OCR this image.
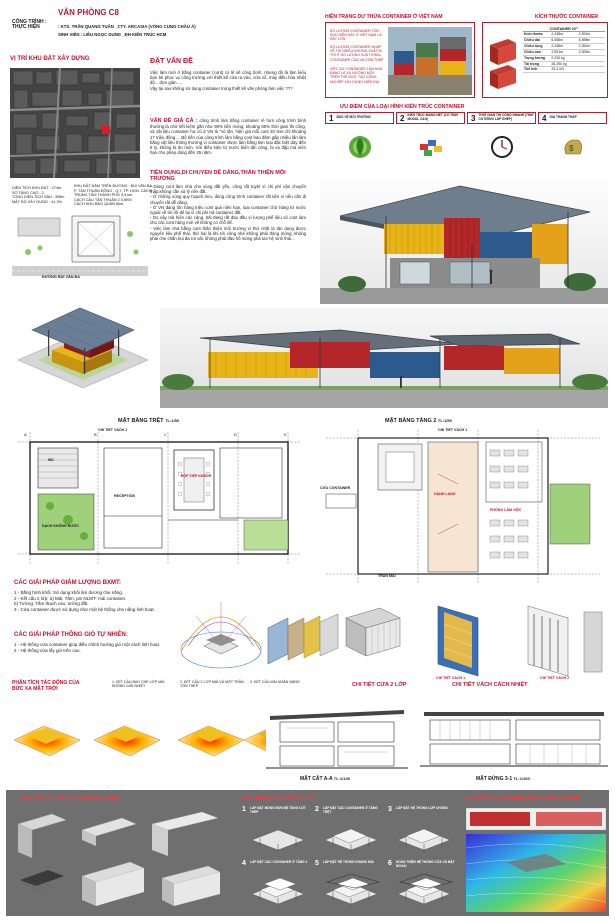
CÔNG TRÌNH :
VĂN PHÒNG C8
THỰC HIỆN	: KTS. TRẦN QUANG TUẤN _CTY. ARCASIA (VÒNG CUNG CHÂU Á)
SINH VIÊN : LIÊU NGỌC DUNG _ĐH KIẾN TRÚC HCM
VỊ TRÍ KHU ĐẤT XÂY DỰNG
DIỆN TÍCH KHU ĐẤT : 274m
SỐ TẦNG CAO : 2
TỔNG DIỆN TÍCH SÀN : 398m
MẬT ĐỘ XÂY DỰNG : 41.3%
KHU ĐẤT NẰM TRÊN ĐƯỜNG : BÙI VĂN BA,
P. TÂN THUẬN ĐÔNG , Q.7, TP. HCM. CÁCH
TRUNG TÂM THÀNH PHỐ 3,5 km
CÁCH CẦU TÂN THUẬN 2 0,6KM
CÁCH KHU BẢO QUẢN 5km
ĐƯỜNG BÙI VĂN BA
ĐẶT VẤN ĐỀ
Việc làm mới ở bằng container (cont) có lẽ sẽ công bình, nhưng đó là làm kiểu bạn bè phục vụ công trường với thiết kế cứa ra vào, cửa sổ, máy điều hòa nhiệt độ... đơn giản.....
Vậy tại sao không sử dụng container trong thiết kế văn phòng làm việc ???
VẤN ĐỀ GIÁ CẢ : công trình làm bằng container rẻ hơn công trình bình thường là nhờ tiết kiệm gần như 90% tiền móng, khoảng 60% thời gian thi công, và vật liệu container hư cũ ở VN là "vô tận, hiện giá mỗi cont 20 feet chỉ khoảng 17 triệu đồng.... Bộ tiền của công trình làm bằng cont bao đảm gấp nhiều lần làm bằng vật liệu thông thường vì container được làm bằng kim loại đặc biệt dày đến 5 ly, không bị ăn mòn. Với điều kiện từ nước biển tấn công, bị va đập mà niên hạn cho phép dùng đến 25 năm.
TIỆN DỤNG,DI CHUYỂN DỄ DÀNG,THÂN THIỆN MÔI TRƯỜNG
- Dùng cont làm nhà cho vùng đất yếu, cũng rất tuyệt vì chi phí vận chuyển thấp,không cần xử lý nền đất.
- Ở những vùng quy hoạch treo, dùng công trình container rất tiện vì nếu cần di chuyển rất dễ dàng.
- Ở VN đang tồn hàng triệu cont quá niên hạn, loại container chở hàng từ nước ngoài về tới rồi để lại vì chi phí trả container đắt.
- Do vậy mà hiện các cảng, bãi đang rất đau đầu vì lượng phế liệu vô cont làm cho các cont hàng mới về không có chỗ để.
- Việc làm nhà bằng cont thân thiện môi trường vì thứ nhất là tận dụng được nguyên liệu phế thải, thứ hai là khi tới công nhà không phải đóng móng, không phải che chắn bụi đa rơi vãi, không phải đào hố móng phá tan hệ sinh thái...
HIỆN TRẠNG DƯ THỪA CONTAINER Ở VIỆT NAM
SỐ LƯỢNG CONTAINER TỒN KHO HIỆN NAY Ở VIỆT NAM LÀ RẤT LỚN
SỐ LƯỢNG CONTAINER NHẬP VỀ THÌ NHIỀU NHƯNG XUẤT ĐI THÌ ÍT DO LƯỢNG XUẤT KHẨU CONTAINER CỦA VN CÒN THẤP
VIỆC SỬ CONTAINER LÀM NHÀ ĐANG LÀ XU HƯỚNG MỚI TRÊN THẾ GIỚI, TẠO CÔNG NGHIỆP XÂY DỰNG HIỆN ĐẠI
KÍCH THƯỚC CONTAINER
CONTAINER 20'"
Kích thước	2,438m	2,591m
Chiều dài	6,058m	5,898m
Chiều rộng	2,438m	2,352m
Chiều cao	2,591m	2,393m
Trọng lượng	2.230 kg
Tải trọng	28.250 kg
Thể tích	33,2 m3
ƯU ĐIỂM CỦA LOẠI HÌNH KIẾN TRÚC CONTAINER
1 BẢO VỆ MÔI TRƯỜNG	2 KIẾN TRÚC MANG NÉT (CÓ TÍNH MODUL CAO)	3 THỜI GIAN THI CÔNG NHANH (TÍNH CƠ ĐỘNG LẮP GHÉP)	4 GIÁ THÀNH THẤP
$
MẶT BẰNG TRỆT TL:1/50
A	B	C	D	E
RECEPTION
HỘP TIẾP KHÁCH
DẠCH KHÔNG NƯỚC
WC
CHI TIẾT VÁCH 1
MẶT BẰNG TẦNG 2 TL:1/50
HÀNH LANG
PHÒNG LÀM VIỆC
CỨU CONTAINER
TRẦN MÁI
CHI TIẾT VÁCH 1
CÁC GIẢI PHÁP GIẢM LƯỢNG BXMT:
1 - Bằng hình khối: Sử dụng khối âm dương che nắng.
2 - Kết cấu 2 lớp: a) Mái: Tấm, pin NLMT- mái container.
b) Tường: Tấm thạch cao, tường đất.
3 - Cửa container được sử dụng như một hệ thống che nắng linh hoạt.
CÁC GIẢI PHÁP THÔNG GIÓ TỰ NHIÊN:
1 - Hệ thống cửa container giúp điều chỉnh hướng gió một cách linh hoạt.
2 - Hệ thống cửa lấy gió trên cao.
CHI TIẾT VÁCH 1	CHI TIẾT VÁCH 2
CHI TIẾT CỬA 2 LỚP	CHI TIẾT VÁCH CÁCH NHIỆT
PHÂN TÍCH TÁC ĐỘNG CỦA BỨC XẠ MẶT TRỜI
1. KẾT CẤU BAO CHE LỚP MÁI KHÔNG GIẢI NHIỆT
2. KẾT CẤU 2 LỚP MÁI VÀ MỘT TRẦN TÔN THÉP
3. KẾT CẤU MÁI NGĂN NẮNG
MẶT CẮT A-A TL:1/100	MẶT ĐỨNG 3-1 TL:1/100
CẤU TẠO CƠ BẢN CONTAINER HÀNG	CÁC GIAI ĐOẠN THI CÔNG	MÔ PHỎNG GIÓ BẰNG PHẦN MỀM VASARI
1 LẮP ĐẶT MÓNG ĐƠN BỆ TÔNG CỐT THÉP	2 LẮP ĐẶT CÁC CONTAINER Ở TẦNG TRỆT	3 LẮP ĐẶT HỆ THỐNG LỢP CHỐNG
4 LẮP ĐẶT CÁC CONTAINER Ở TẦNG 2	5 LẮP ĐẶT HỆ THỐNG KHUNG MÁI	6 HOÀN THIỆN HỆ THỐNG CỬA VÀ MẶT NGOÀI
